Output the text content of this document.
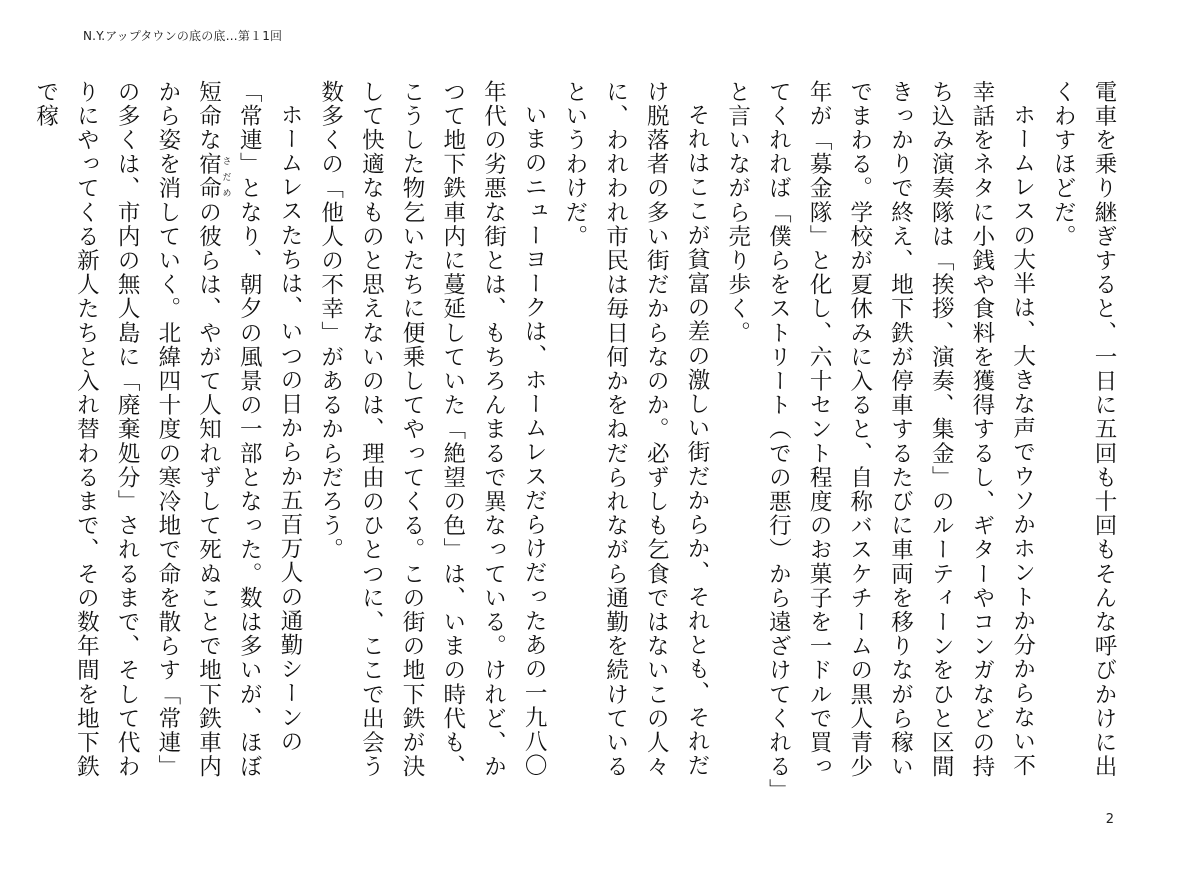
N.Y.アップタウンの底の底…第１1回

電車を乗り継ぎすると、一日に五回も十回もそんな呼びかけに出くわすほどだ。

ホームレスの大半は、大きな声でウソかホントか分からない不幸話をネタに小銭や食料を獲得するし、ギターやコンガなどの持ち込み演奏隊は「挨拶、演奏、集金」のルーティーンをひと区間きっかりで終え、地下鉄が停車するたびに車両を移りながら稼いでまわる。学校が夏休みに入ると、自称バスケチームの黒人青少年が「募金隊」と化し、六十セント程度のお菓子を一ドルで買ってくれれば「僕らをストリート（での悪行）から遠ざけてくれる」と言いながら売り歩く。

それはここが貧富の差の激しい街だからか、それとも、それだけ脱落者の多い街だからなのか。必ずしも乞食ではないこの人々に、われわれ市民は毎日何かをねだられながら通勤を続けているというわけだ。

いまのニューヨークは、ホームレスだらけだったあの一九八〇年代の劣悪な街とは、もちろんまるで異なっている。けれど、かつて地下鉄車内に蔓延していた「絶望の色」は、いまの時代も、こうした物乞いたちに便乗してやってくる。この街の地下鉄が決して快適なものと思えないのは、理由のひとつに、ここで出会う数多くの「他人の不幸」があるからだろう。

ホームレスたちは、いつの日からか五百万人の通勤シーンの「常連」となり、朝夕の風景の一部となった。数は多いが、ほぼ短命な宿命 さだめの彼らは、やがて人知れずして死ぬことで地下鉄車内から姿を消していく。北緯四十度の寒冷地で命を散らす「常連」の多くは、市内の無人島に「廃棄処分」されるまで、そして代わりにやってくる新人たちと入れ替わるまで、その数年間を地下鉄で稼

2
